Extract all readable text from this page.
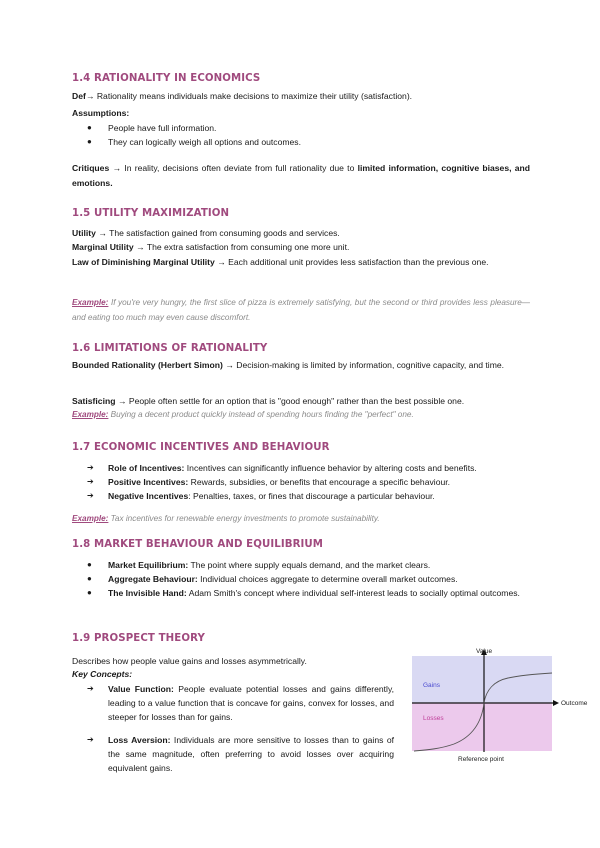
1.4 RATIONALITY IN ECONOMICS
Def→ Rationality means individuals make decisions to maximize their utility (satisfaction).
Assumptions:
● People have full information.
● They can logically weigh all options and outcomes.
Critiques → In reality, decisions often deviate from full rationality due to limited information, cognitive biases, and emotions.
1.5 UTILITY MAXIMIZATION
Utility → The satisfaction gained from consuming goods and services.
Marginal Utility → The extra satisfaction from consuming one more unit.
Law of Diminishing Marginal Utility → Each additional unit provides less satisfaction than the previous one.
Example: If you're very hungry, the first slice of pizza is extremely satisfying, but the second or third provides less pleasure—and eating too much may even cause discomfort.
1.6 LIMITATIONS OF RATIONALITY
Bounded Rationality (Herbert Simon) → Decision-making is limited by information, cognitive capacity, and time.
Satisficing → People often settle for an option that is "good enough" rather than the best possible one.
Example: Buying a decent product quickly instead of spending hours finding the "perfect" one.
1.7 ECONOMIC INCENTIVES AND BEHAVIOUR
➔ Role of Incentives: Incentives can significantly influence behavior by altering costs and benefits.
➔ Positive Incentives: Rewards, subsidies, or benefits that encourage a specific behaviour.
➔ Negative Incentives: Penalties, taxes, or fines that discourage a particular behaviour.
Example: Tax incentives for renewable energy investments to promote sustainability.
1.8 MARKET BEHAVIOUR AND EQUILIBRIUM
● Market Equilibrium: The point where supply equals demand, and the market clears.
● Aggregate Behaviour: Individual choices aggregate to determine overall market outcomes.
● The Invisible Hand: Adam Smith's concept where individual self-interest leads to socially optimal outcomes.
1.9 PROSPECT THEORY
Describes how people value gains and losses asymmetrically.
Key Concepts:
➔ Value Function: People evaluate potential losses and gains differently, leading to a value function that is concave for gains, convex for losses, and steeper for losses than for gains.
➔ Loss Aversion: Individuals are more sensitive to losses than to gains of the same magnitude, often preferring to avoid losses over acquiring equivalent gains.
Value
Outcome
Gains
Losses
Reference point
